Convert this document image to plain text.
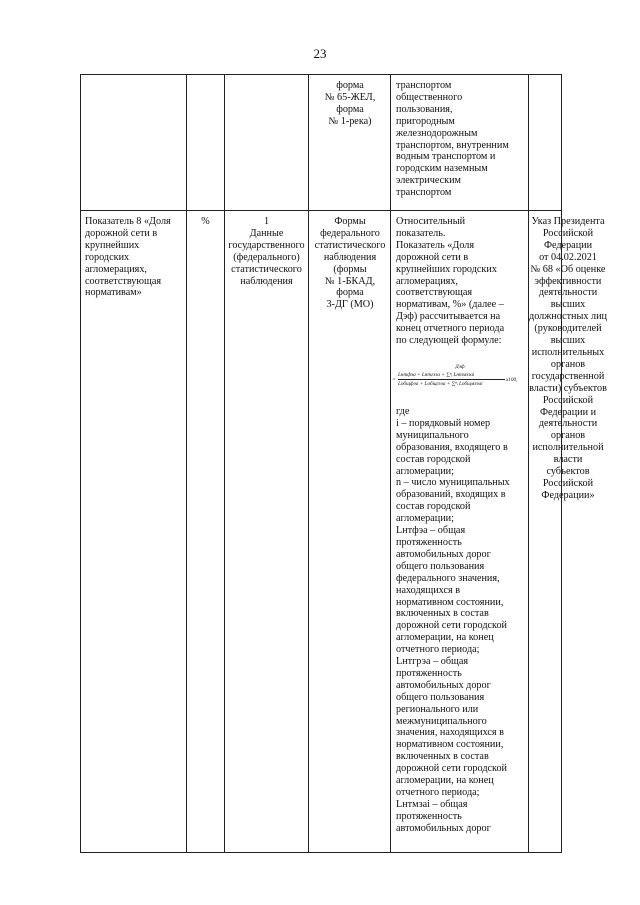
23
форма
№ 65-ЖЕЛ,
форма
№ 1-река)
транспортом
общественного
пользования,
пригородным
железнодорожным
транспортом, внутренним
водным транспортом и
городским наземным
электрическим
транспортом
Показатель 8 «Доля
дорожной сети в
крупнейших
городских
агломерациях,
соответствующая
нормативам»
%	1
Данные
государственного
(федерального)
статистического
наблюдения
Формы
федерального
статистического
наблюдения
(формы
№ 1-БКАД,
форма
3-ДГ (МО)
Относительный
показатель.
Показатель «Доля
дорожной сети в
крупнейших городских
агломерациях,
соответствующая
нормативам, %» (далее –
Дэф) рассчитывается на
конец отчетного периода
по следующей формуле:
Дэф
=
Lнтфэа + Lнтгзэа + ∑ⁿᵢ Lнтмзэаi
Lобщфэа + Lобщгзэа + ∑ⁿᵢ Lобщмзэаi
x100,
где
i – порядковый номер
муниципального
образования, входящего в
состав городской
агломерации;
n – число муниципальных
образований, входящих в
состав городской
агломерации;
Lнтфэа – общая
протяженность
автомобильных дорог
общего пользования
федерального значения,
находящихся в
нормативном состоянии,
включенных в состав
дорожной сети городской
агломерации, на конец
отчетного периода;
Lнтгрэа – общая
протяженность
автомобильных дорог
общего пользования
регионального или
межмуниципального
значения, находящихся в
нормативном состоянии,
включенных в состав
дорожной сети городской
агломерации, на конец
отчетного периода;
Lнтмзаi – общая
протяженность
автомобильных дорог
Указ Президента
Российской
Федерации
от 04.02.2021
№ 68 «Об оценке
эффективности
деятельности
высших
должностных лиц
(руководителей
высших
исполнительных
органов
государственной
власти) субъектов
Российской
Федерации и
деятельности
органов
исполнительной
власти
субъектов
Российской
Федерации»
